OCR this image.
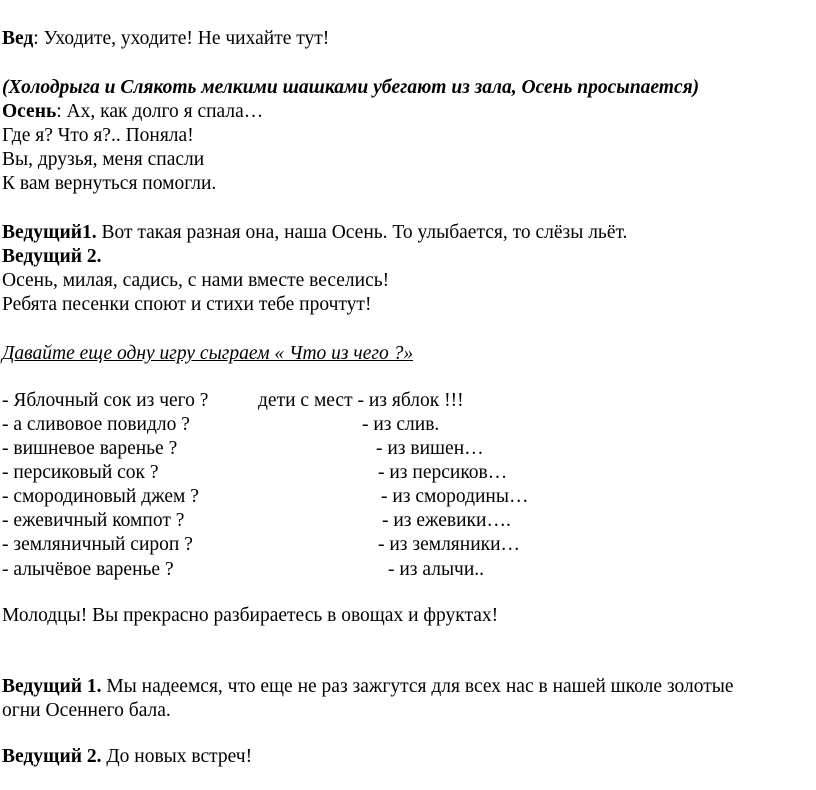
Вед: Уходите, уходите! Не чихайте тут!
(Холодрыга и Слякоть мелкими шашками убегают из зала, Осень просыпается)
Осень: Ах, как долго я спала…
Где я? Что я?.. Поняла!
Вы, друзья, меня спасли
К вам вернуться помогли.
Ведущий1. Вот такая разная она, наша Осень. То улыбается, то слёзы льёт.
Ведущий 2.
Осень, милая, садись, с нами вместе веселись!
Ребята песенки споют и стихи тебе прочтут!
Давайте еще одну игру сыграем « Что из чего ?»
- Яблочный сок из чего ?	дети с мест - из яблок !!!
- а сливовое повидло ?	- из слив.
- вишневое варенье ?	- из вишен…
- персиковый сок ?	- из персиков…
- смородиновый джем ?	- из смородины…
- ежевичный компот ?	- из ежевики….
- земляничный сироп ?	- из земляники…
- алычёвое варенье ?	- из алычи..
Молодцы! Вы прекрасно разбираетесь в овощах и фруктах!
Ведущий 1. Мы надеемся, что еще не раз зажгутся для всех нас в нашей школе золотые
огни Осеннего бала.
Ведущий 2. До новых встреч!
